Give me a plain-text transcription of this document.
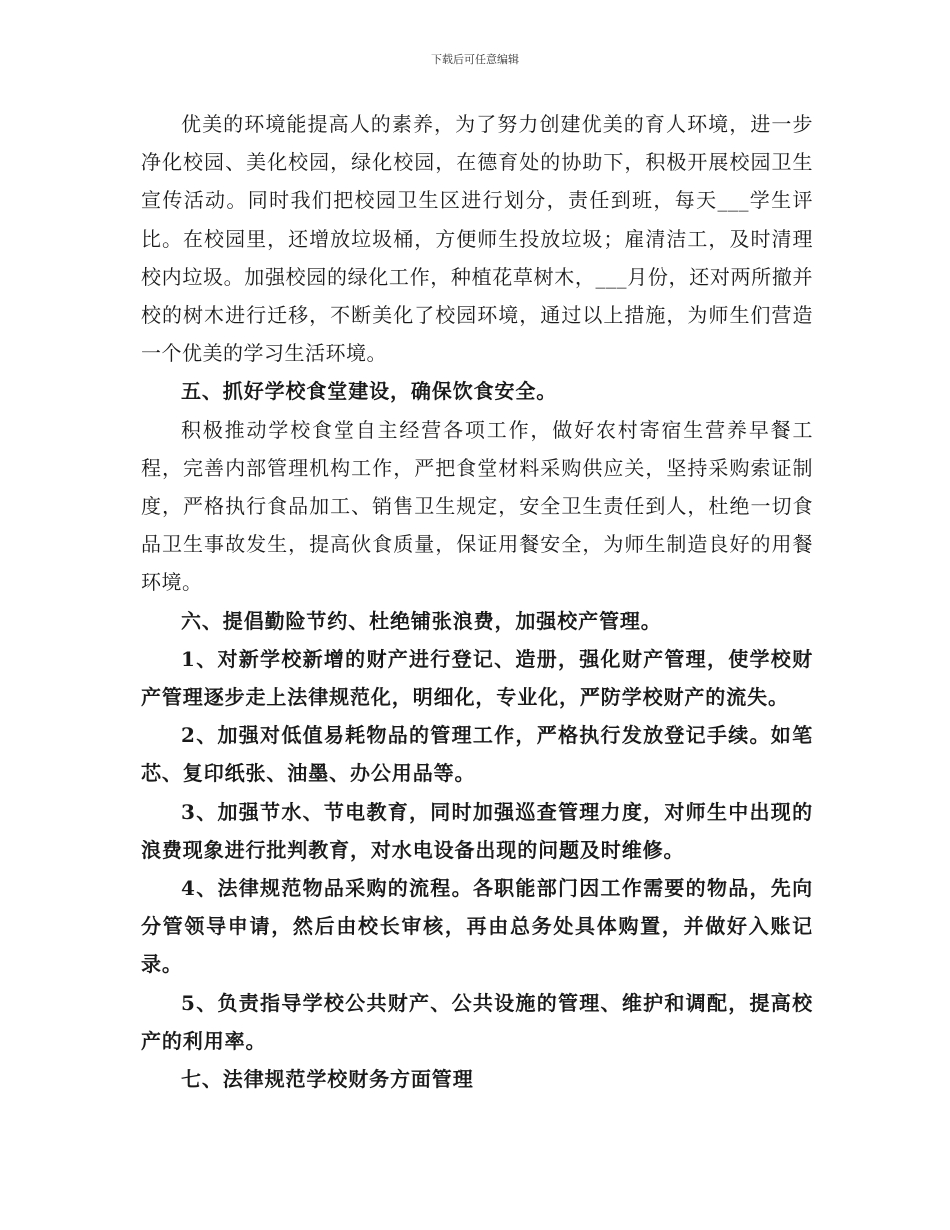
下载后可任意编辑

优美的环境能提高人的素养，为了努力创建优美的育人环境，进一步净化校园、美化校园，绿化校园，在德育处的协助下，积极开展校园卫生宣传活动。同时我们把校园卫生区进行划分，责任到班，每天___学生评比。在校园里，还增放垃圾桶，方便师生投放垃圾；雇清洁工，及时清理校内垃圾。加强校园的绿化工作，种植花草树木，___月份，还对两所撤并校的树木进行迁移，不断美化了校园环境，通过以上措施，为师生们营造一个优美的学习生活环境。

五、抓好学校食堂建设，确保饮食安全。

积极推动学校食堂自主经营各项工作，做好农村寄宿生营养早餐工程，完善内部管理机构工作，严把食堂材料采购供应关，坚持采购索证制度，严格执行食品加工、销售卫生规定，安全卫生责任到人，杜绝一切食品卫生事故发生，提高伙食质量，保证用餐安全，为师生制造良好的用餐环境。

六、提倡勤险节约、杜绝铺张浪费，加强校产管理。

1、对新学校新增的财产进行登记、造册，强化财产管理，使学校财产管理逐步走上法律规范化，明细化，专业化，严防学校财产的流失。

2、加强对低值易耗物品的管理工作，严格执行发放登记手续。如笔芯、复印纸张、油墨、办公用品等。

3、加强节水、节电教育，同时加强巡查管理力度，对师生中出现的浪费现象进行批判教育，对水电设备出现的问题及时维修。

4、法律规范物品采购的流程。各职能部门因工作需要的物品，先向分管领导申请，然后由校长审核，再由总务处具体购置，并做好入账记录。

5、负责指导学校公共财产、公共设施的管理、维护和调配，提高校产的利用率。

七、法律规范学校财务方面管理
